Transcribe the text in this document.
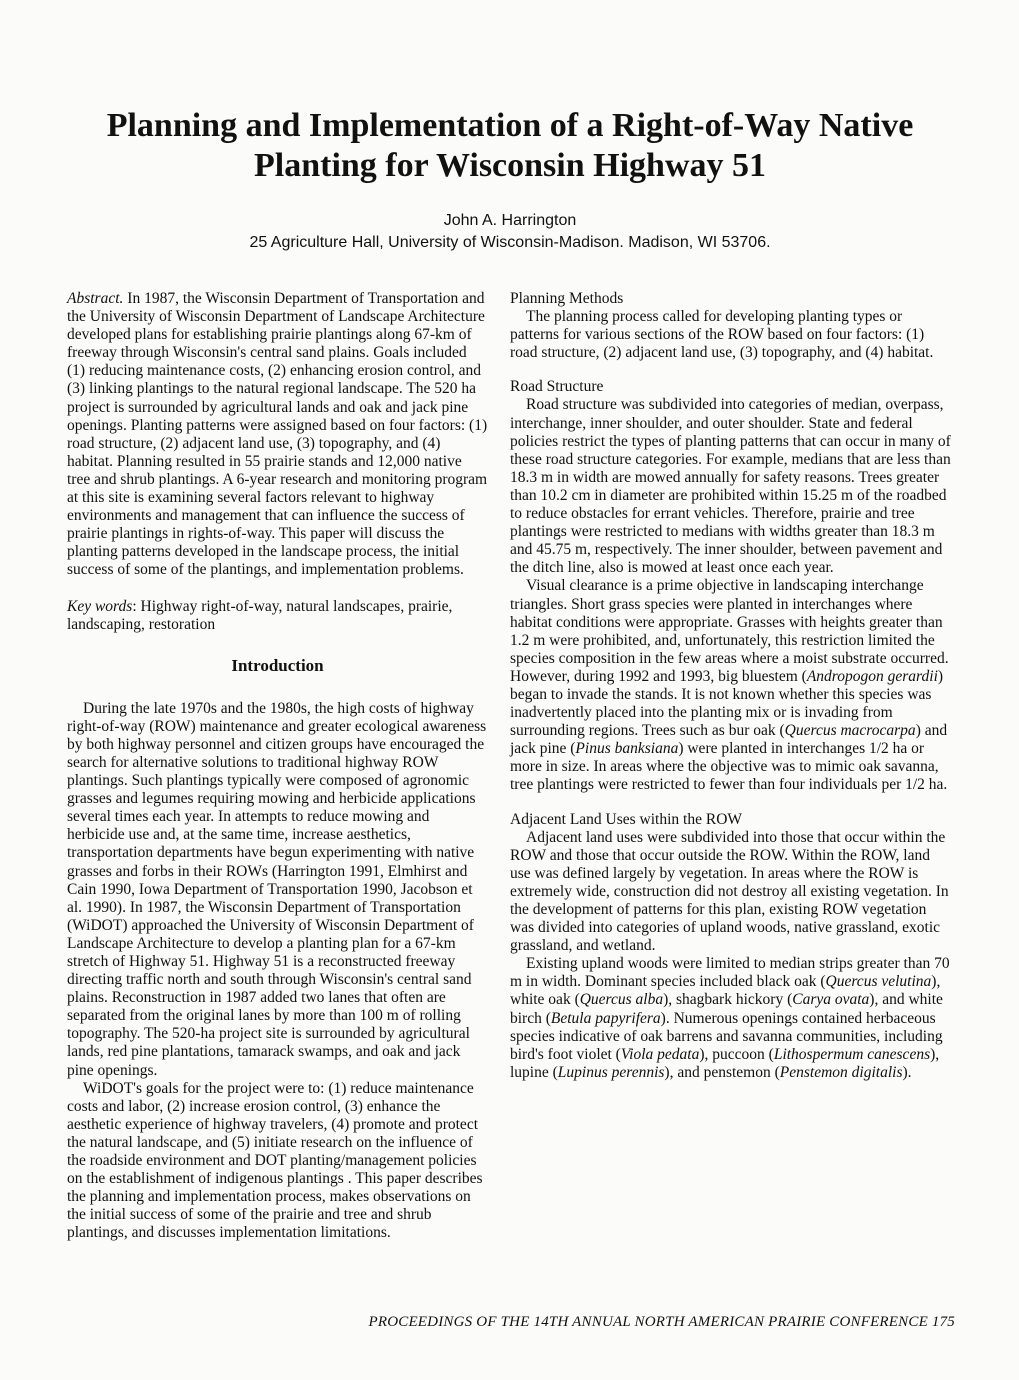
Planning and Implementation of a Right-of-Way Native
Planting for Wisconsin Highway 51
John A. Harrington
25 Agriculture Hall, University of Wisconsin-Madison. Madison, WI 53706.

Abstract. In 1987, the Wisconsin Department of Transportation and the University of Wisconsin Department of Landscape Architecture developed plans for establishing prairie plantings along 67-km of freeway through Wisconsin's central sand plains. Goals included (1) reducing maintenance costs, (2) enhancing erosion control, and (3) linking plantings to the natural regional landscape. The 520 ha project is surrounded by agricultural lands and oak and jack pine openings. Planting patterns were assigned based on four factors: (1) road structure, (2) adjacent land use, (3) topography, and (4) habitat. Planning resulted in 55 prairie stands and 12,000 native tree and shrub plantings. A 6-year research and monitoring program at this site is examining several factors relevant to highway environments and management that can influence the success of prairie plantings in rights-of-way. This paper will discuss the planting patterns developed in the landscape process, the initial success of some of the plantings, and implementation problems.

Key words: Highway right-of-way, natural landscapes, prairie, landscaping, restoration

Introduction

During the late 1970s and the 1980s, the high costs of highway right-of-way (ROW) maintenance and greater ecological awareness by both highway personnel and citizen groups have encouraged the search for alternative solutions to traditional highway ROW plantings. Such plantings typically were composed of agronomic grasses and legumes requiring mowing and herbicide applications several times each year. In attempts to reduce mowing and herbicide use and, at the same time, increase aesthetics, transportation departments have begun experimenting with native grasses and forbs in their ROWs (Harrington 1991, Elmhirst and Cain 1990, Iowa Department of Transportation 1990, Jacobson et al. 1990). In 1987, the Wisconsin Department of Transportation (WiDOT) approached the University of Wisconsin Department of Landscape Architecture to develop a planting plan for a 67-km stretch of Highway 51. Highway 51 is a reconstructed freeway directing traffic north and south through Wisconsin's central sand plains. Reconstruction in 1987 added two lanes that often are separated from the original lanes by more than 100 m of rolling topography. The 520-ha project site is surrounded by agricultural lands, red pine plantations, tamarack swamps, and oak and jack pine openings.

WiDOT's goals for the project were to: (1) reduce maintenance costs and labor, (2) increase erosion control, (3) enhance the aesthetic experience of highway travelers, (4) promote and protect the natural landscape, and (5) initiate research on the influence of the roadside environment and DOT planting/management policies on the establishment of indigenous plantings . This paper describes the planning and implementation process, makes observations on the initial success of some of the prairie and tree and shrub plantings, and discusses implementation limitations.

Planning Methods

The planning process called for developing planting types or patterns for various sections of the ROW based on four factors: (1) road structure, (2) adjacent land use, (3) topography, and (4) habitat.

Road Structure

Road structure was subdivided into categories of median, overpass, interchange, inner shoulder, and outer shoulder. State and federal policies restrict the types of planting patterns that can occur in many of these road structure categories. For example, medians that are less than 18.3 m in width are mowed annually for safety reasons. Trees greater than 10.2 cm in diameter are prohibited within 15.25 m of the roadbed to reduce obstacles for errant vehicles. Therefore, prairie and tree plantings were restricted to medians with widths greater than 18.3 m and 45.75 m, respectively. The inner shoulder, between pavement and the ditch line, also is mowed at least once each year.

Visual clearance is a prime objective in landscaping interchange triangles. Short grass species were planted in interchanges where habitat conditions were appropriate. Grasses with heights greater than 1.2 m were prohibited, and, unfortunately, this restriction limited the species composition in the few areas where a moist substrate occurred. However, during 1992 and 1993, big bluestem (Andropogon gerardii) began to invade the stands. It is not known whether this species was inadvertently placed into the planting mix or is invading from surrounding regions. Trees such as bur oak (Quercus macrocarpa) and jack pine (Pinus banksiana) were planted in interchanges 1/2 ha or more in size. In areas where the objective was to mimic oak savanna, tree plantings were restricted to fewer than four individuals per 1/2 ha.

Adjacent Land Uses within the ROW

Adjacent land uses were subdivided into those that occur within the ROW and those that occur outside the ROW. Within the ROW, land use was defined largely by vegetation. In areas where the ROW is extremely wide, construction did not destroy all existing vegetation. In the development of patterns for this plan, existing ROW vegetation was divided into categories of upland woods, native grassland, exotic grassland, and wetland.

Existing upland woods were limited to median strips greater than 70 m in width. Dominant species included black oak (Quercus velutina), white oak (Quercus alba), shagbark hickory (Carya ovata), and white birch (Betula papyrifera). Numerous openings contained herbaceous species indicative of oak barrens and savanna communities, including bird's foot violet (Viola pedata), puccoon (Lithospermum canescens), lupine (Lupinus perennis), and penstemon (Penstemon digitalis).

PROCEEDINGS OF THE 14TH ANNUAL NORTH AMERICAN PRAIRIE CONFERENCE 175
